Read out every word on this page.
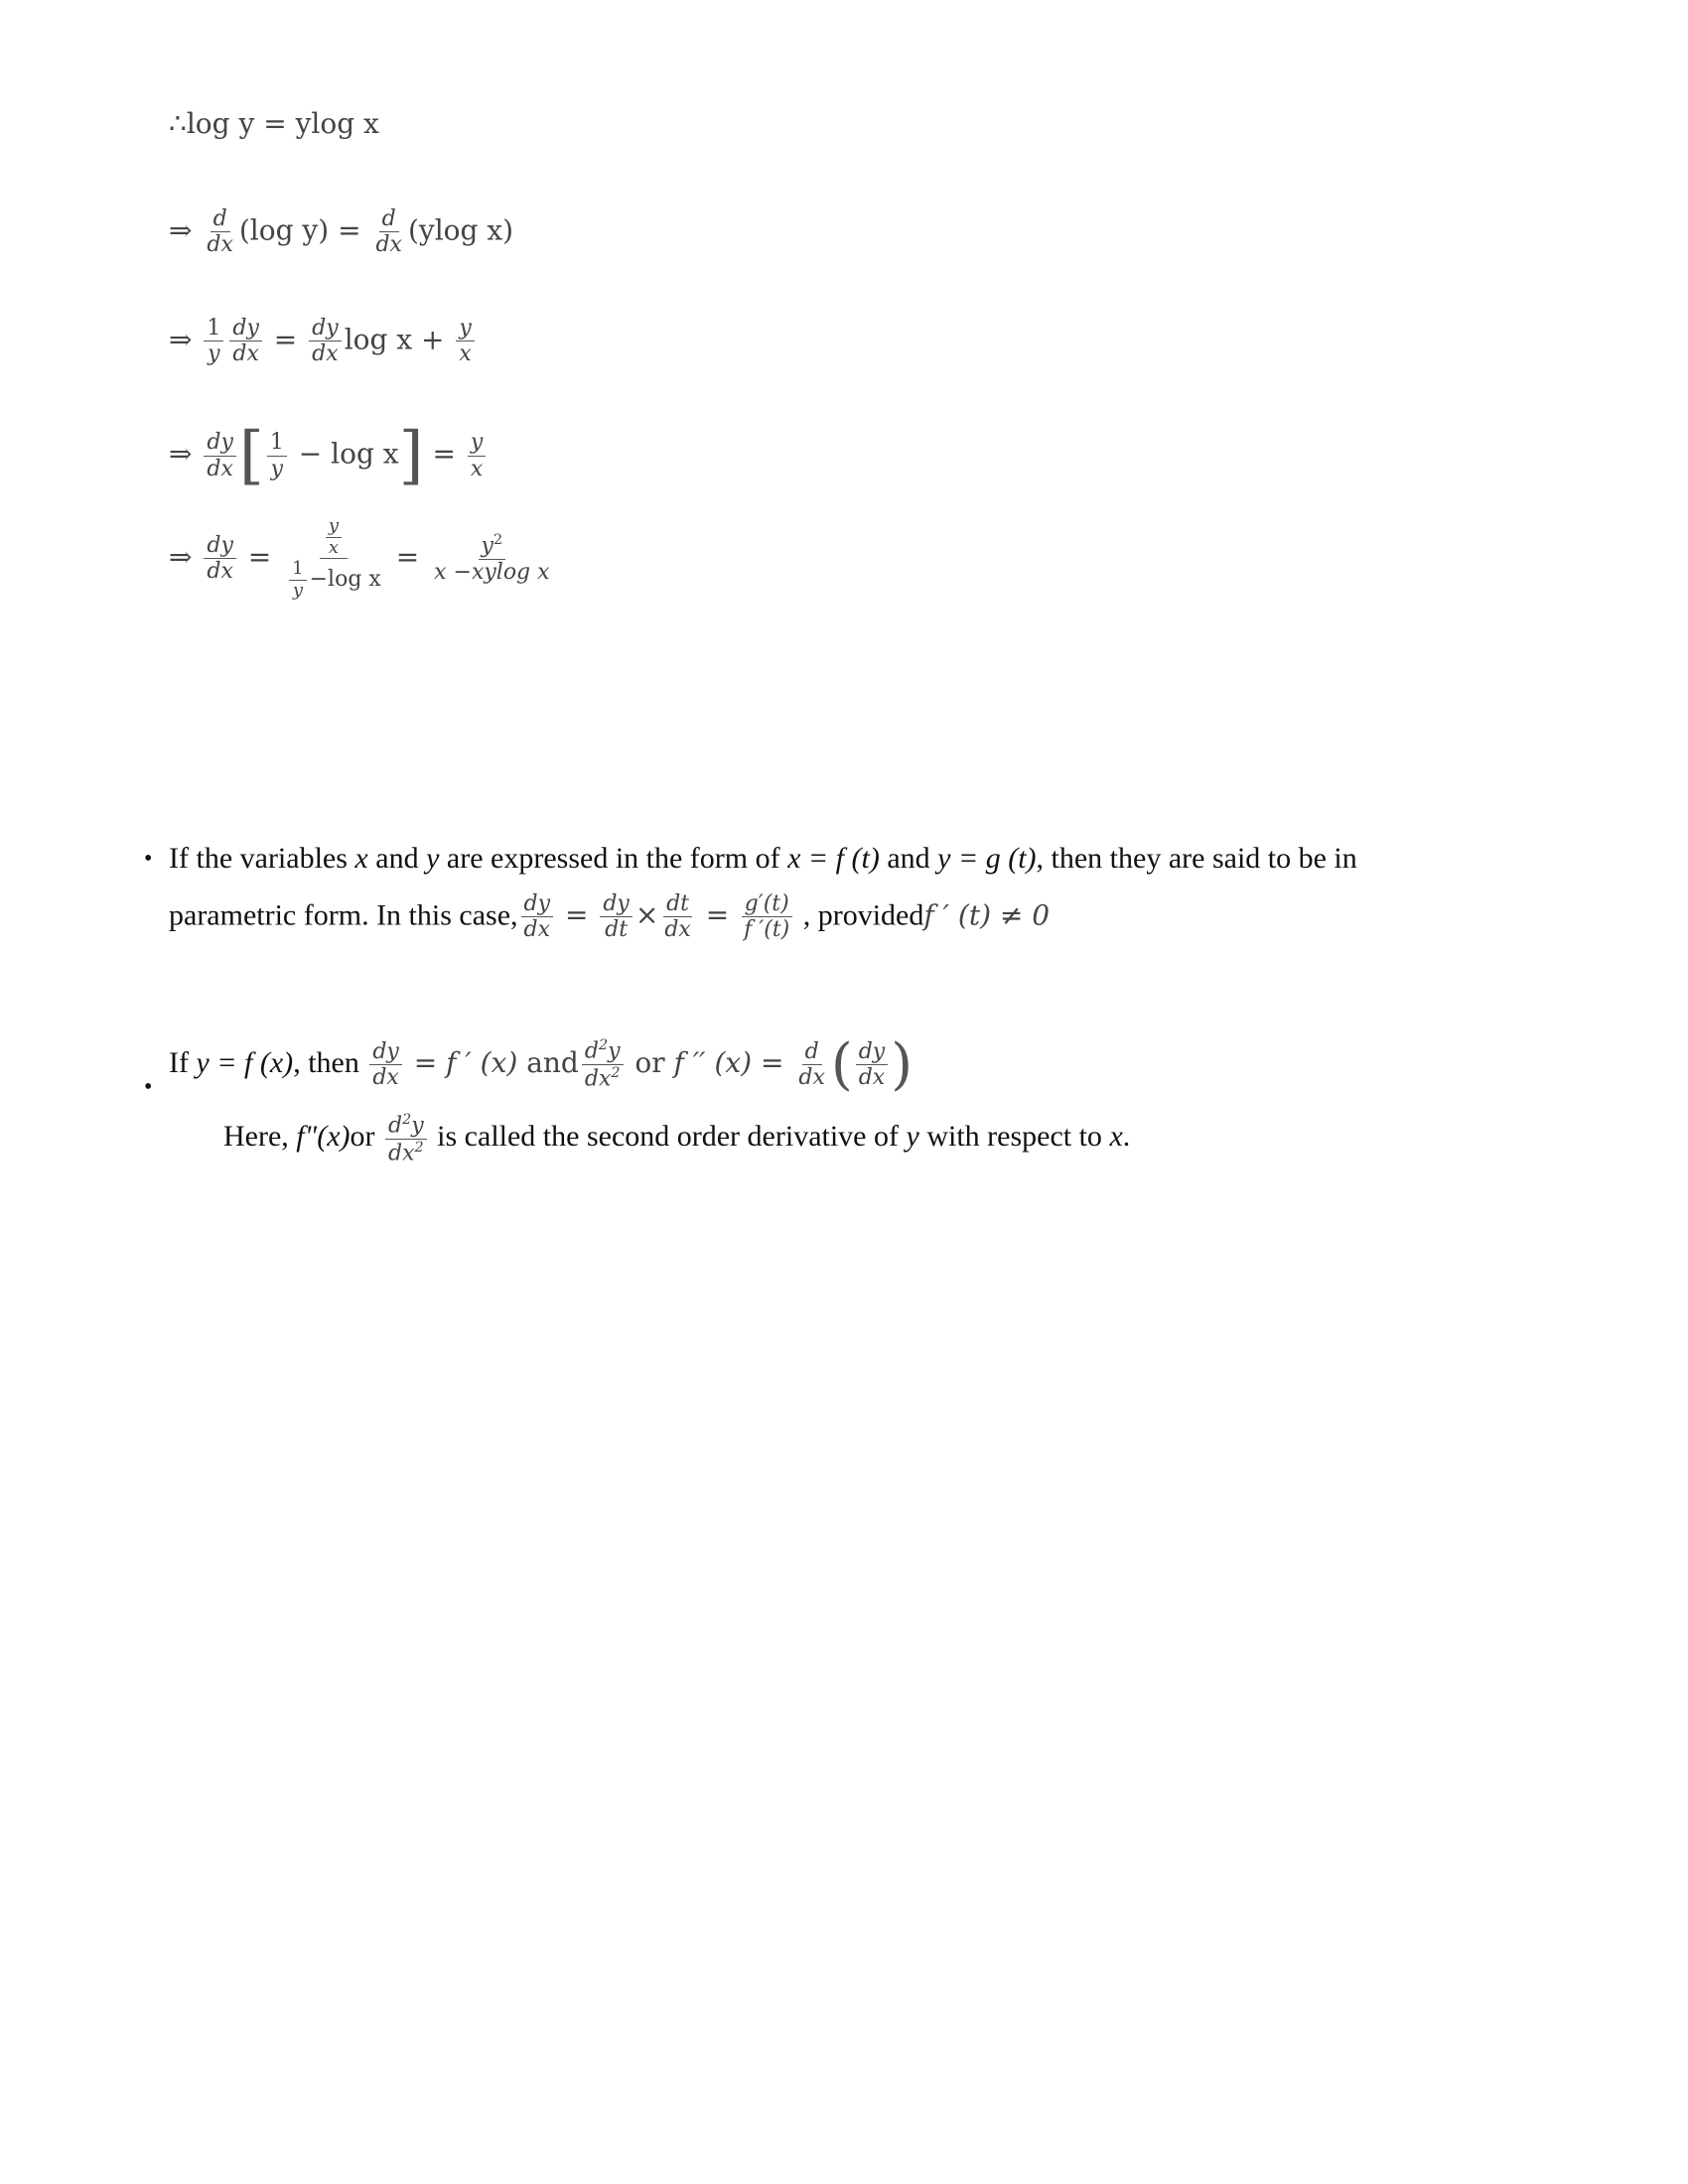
∴log y = ylog x
⇒ $\frac{d}{dx} (\log$ $y) = \frac{d}{dx} (ylog$ x)
⇒ $\frac{1}{y} \frac{dy}{dx} = \frac{dy}{dx}$ $\log x + \frac{y}{x}$
⇒ $\frac{dy}{dx}$ [ $\frac{1}{y} - \log x] = \frac{y}{x}$
⇒ $\frac{dy}{dx} = \frac{\frac{y}{x}}{\frac{1}{y} -\log x} = \frac{y^2}{\text{x −xylog x}}$
• If the variables x and y are expressed in the form of x = f (t) and y = g (t), then they are said to be in
parametric form. In this case, $\frac{dy}{dx} = \frac{dy}{dt} \times \frac{dt}{dx} = \frac{g'(t)}{f '(t)}$ , providedf ′ (t) ≠ 0
•
If y = f (x), then $\frac{dy}{dx} = f$ ′ (x) and $\frac{d^2y}{dx^2}$ or f ′′ $(x) = \frac{d}{dx}$ ( $\frac{dy}{dx}$ )
Here, f"(x)or $\frac{d^2y}{dx^2}$ is called the second order derivative of y with respect to x.
